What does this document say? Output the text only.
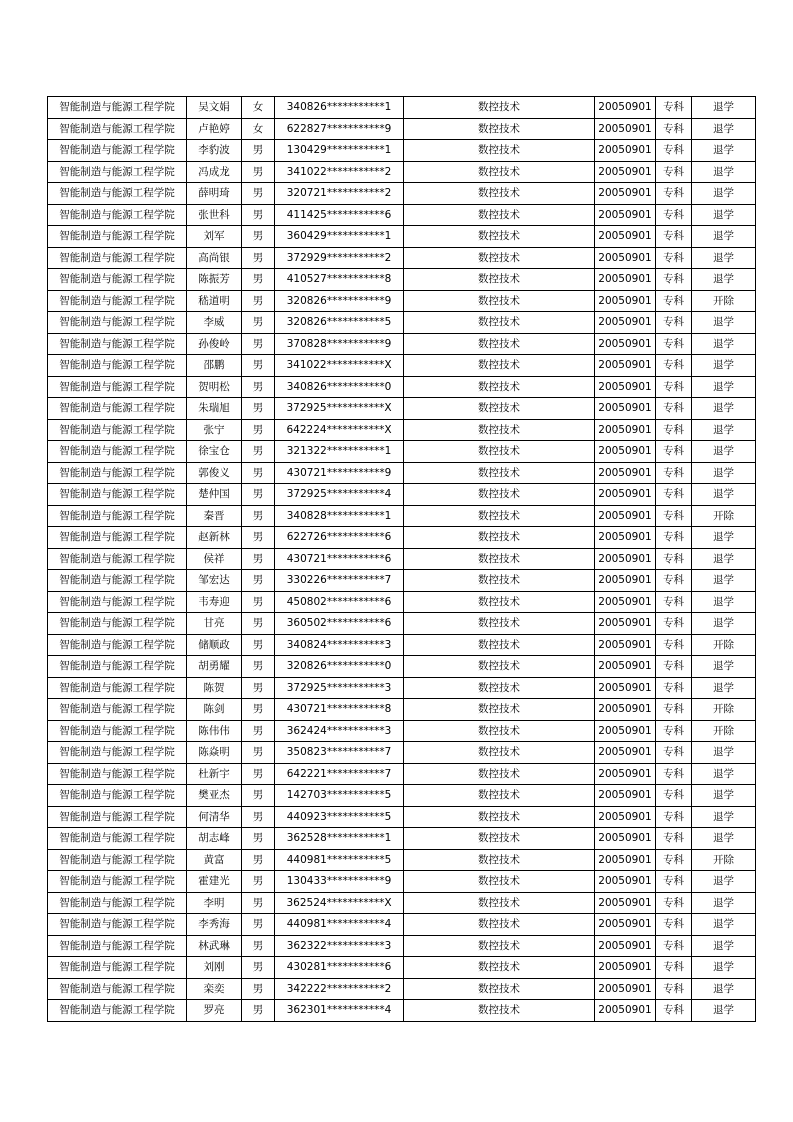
智能制造与能源工程学院	吴文娟	女	340826***********1	数控技术	20050901	专科	退学
智能制造与能源工程学院	卢艳婷	女	622827***********9	数控技术	20050901	专科	退学
智能制造与能源工程学院	李豹波	男	130429***********1	数控技术	20050901	专科	退学
智能制造与能源工程学院	冯成龙	男	341022***********2	数控技术	20050901	专科	退学
智能制造与能源工程学院	薛明琦	男	320721***********2	数控技术	20050901	专科	退学
智能制造与能源工程学院	张世科	男	411425***********6	数控技术	20050901	专科	退学
智能制造与能源工程学院	刘军	男	360429***********1	数控技术	20050901	专科	退学
智能制造与能源工程学院	高尚银	男	372929***********2	数控技术	20050901	专科	退学
智能制造与能源工程学院	陈振芳	男	410527***********8	数控技术	20050901	专科	退学
智能制造与能源工程学院	嵇道明	男	320826***********9	数控技术	20050901	专科	开除
智能制造与能源工程学院	李威	男	320826***********5	数控技术	20050901	专科	退学
智能制造与能源工程学院	孙俊岭	男	370828***********9	数控技术	20050901	专科	退学
智能制造与能源工程学院	邵鹏	男	341022***********X	数控技术	20050901	专科	退学
智能制造与能源工程学院	贺明松	男	340826***********0	数控技术	20050901	专科	退学
智能制造与能源工程学院	朱瑞旭	男	372925***********X	数控技术	20050901	专科	退学
智能制造与能源工程学院	张宁	男	642224***********X	数控技术	20050901	专科	退学
智能制造与能源工程学院	徐宝仓	男	321322***********1	数控技术	20050901	专科	退学
智能制造与能源工程学院	郭俊义	男	430721***********9	数控技术	20050901	专科	退学
智能制造与能源工程学院	楚仲国	男	372925***********4	数控技术	20050901	专科	退学
智能制造与能源工程学院	秦晋	男	340828***********1	数控技术	20050901	专科	开除
智能制造与能源工程学院	赵新林	男	622726***********6	数控技术	20050901	专科	退学
智能制造与能源工程学院	侯祥	男	430721***********6	数控技术	20050901	专科	退学
智能制造与能源工程学院	邹宏达	男	330226***********7	数控技术	20050901	专科	退学
智能制造与能源工程学院	韦寿迎	男	450802***********6	数控技术	20050901	专科	退学
智能制造与能源工程学院	甘亮	男	360502***********6	数控技术	20050901	专科	退学
智能制造与能源工程学院	储顺政	男	340824***********3	数控技术	20050901	专科	开除
智能制造与能源工程学院	胡勇耀	男	320826***********0	数控技术	20050901	专科	退学
智能制造与能源工程学院	陈贺	男	372925***********3	数控技术	20050901	专科	退学
智能制造与能源工程学院	陈剑	男	430721***********8	数控技术	20050901	专科	开除
智能制造与能源工程学院	陈伟伟	男	362424***********3	数控技术	20050901	专科	开除
智能制造与能源工程学院	陈焱明	男	350823***********7	数控技术	20050901	专科	退学
智能制造与能源工程学院	杜新宇	男	642221***********7	数控技术	20050901	专科	退学
智能制造与能源工程学院	樊亚杰	男	142703***********5	数控技术	20050901	专科	退学
智能制造与能源工程学院	何清华	男	440923***********5	数控技术	20050901	专科	退学
智能制造与能源工程学院	胡志峰	男	362528***********1	数控技术	20050901	专科	退学
智能制造与能源工程学院	黄富	男	440981***********5	数控技术	20050901	专科	开除
智能制造与能源工程学院	霍建光	男	130433***********9	数控技术	20050901	专科	退学
智能制造与能源工程学院	李明	男	362524***********X	数控技术	20050901	专科	退学
智能制造与能源工程学院	李秀海	男	440981***********4	数控技术	20050901	专科	退学
智能制造与能源工程学院	林武琳	男	362322***********3	数控技术	20050901	专科	退学
智能制造与能源工程学院	刘刚	男	430281***********6	数控技术	20050901	专科	退学
智能制造与能源工程学院	栾奕	男	342222***********2	数控技术	20050901	专科	退学
智能制造与能源工程学院	罗亮	男	362301***********4	数控技术	20050901	专科	退学
